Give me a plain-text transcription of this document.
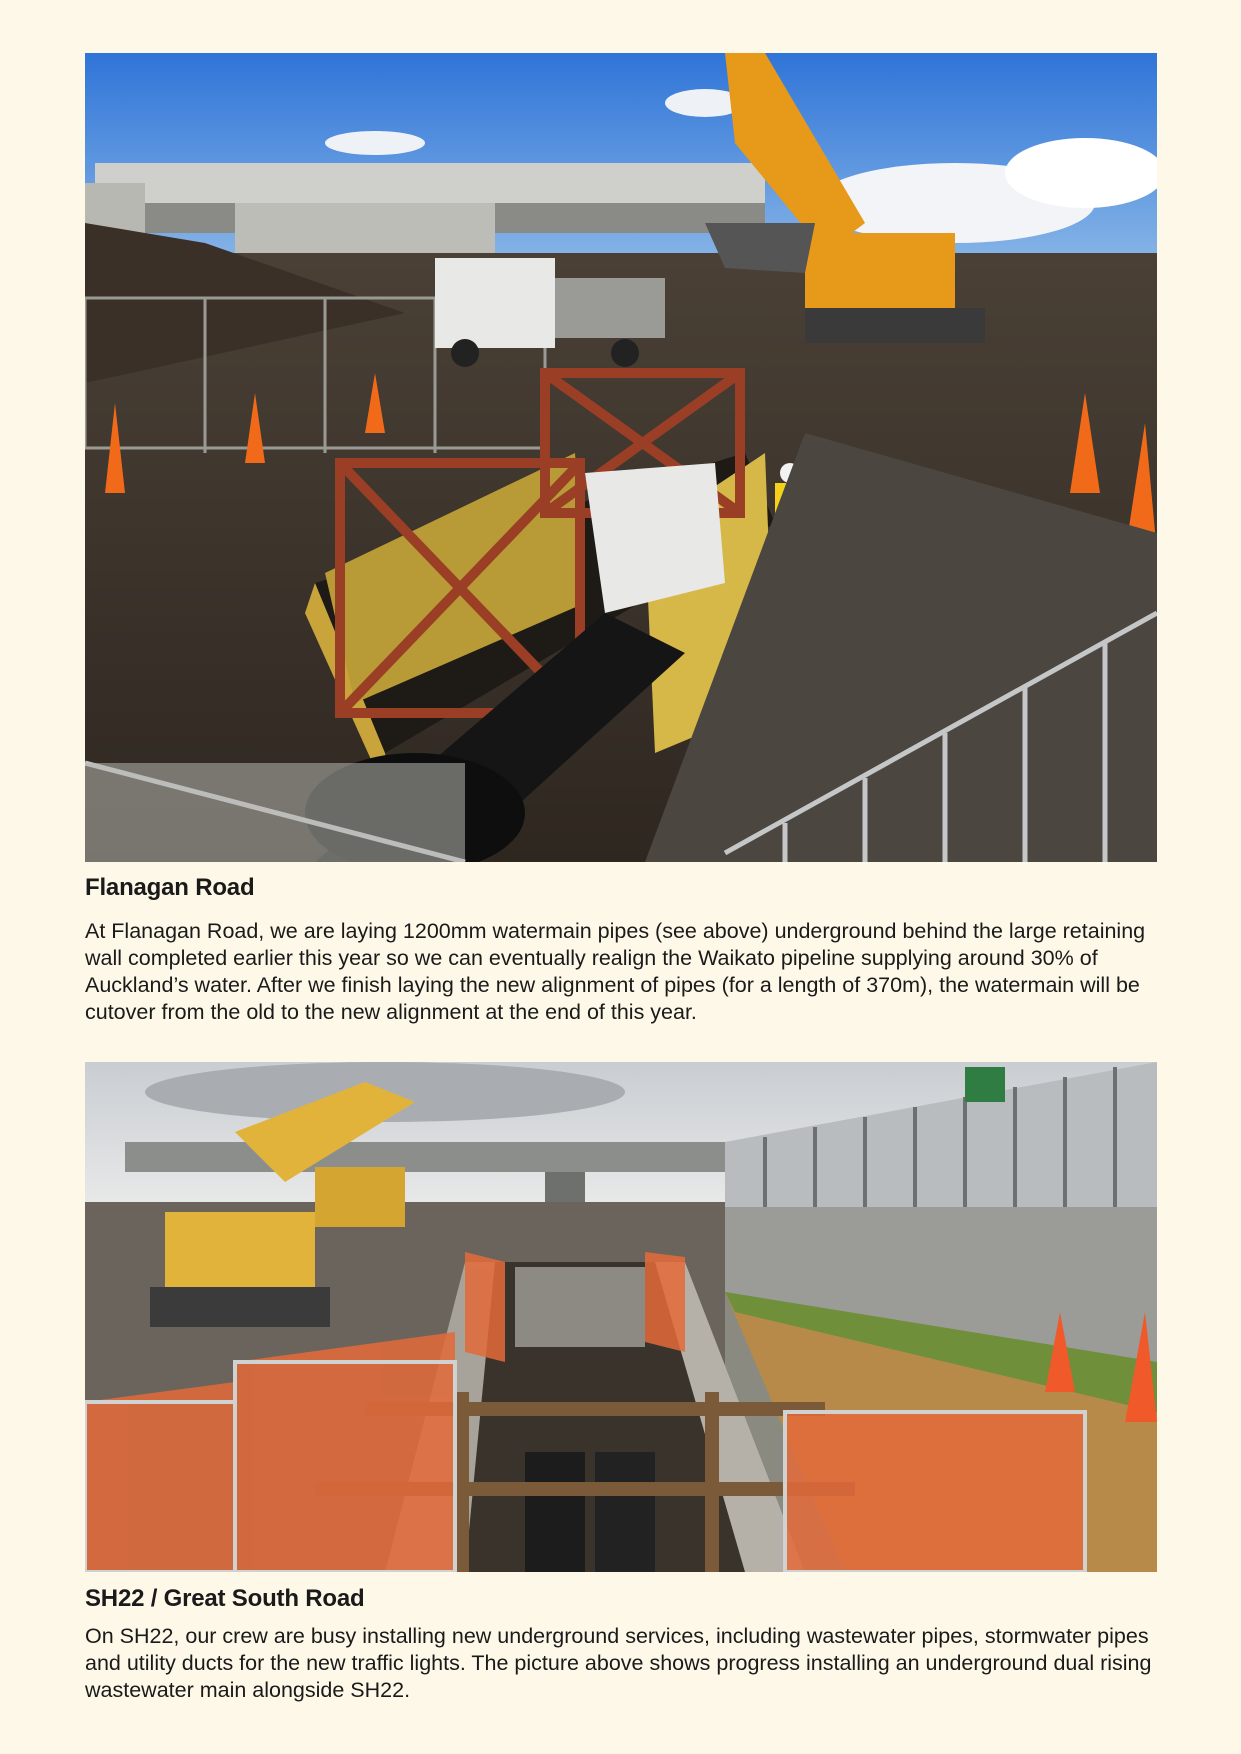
Flanagan Road

At Flanagan Road, we are laying 1200mm watermain pipes (see above) underground behind the large retaining wall completed earlier this year so we can eventually realign the Waikato pipeline supplying around 30% of Auckland’s water. After we finish laying the new alignment of pipes (for a length of 370m), the watermain will be cutover from the old to the new alignment at the end of this year.

SH22 / Great South Road

On SH22, our crew are busy installing new underground services, including wastewater pipes, stormwater pipes and utility ducts for the new traffic lights. The picture above shows progress installing an underground dual rising wastewater main alongside SH22.
